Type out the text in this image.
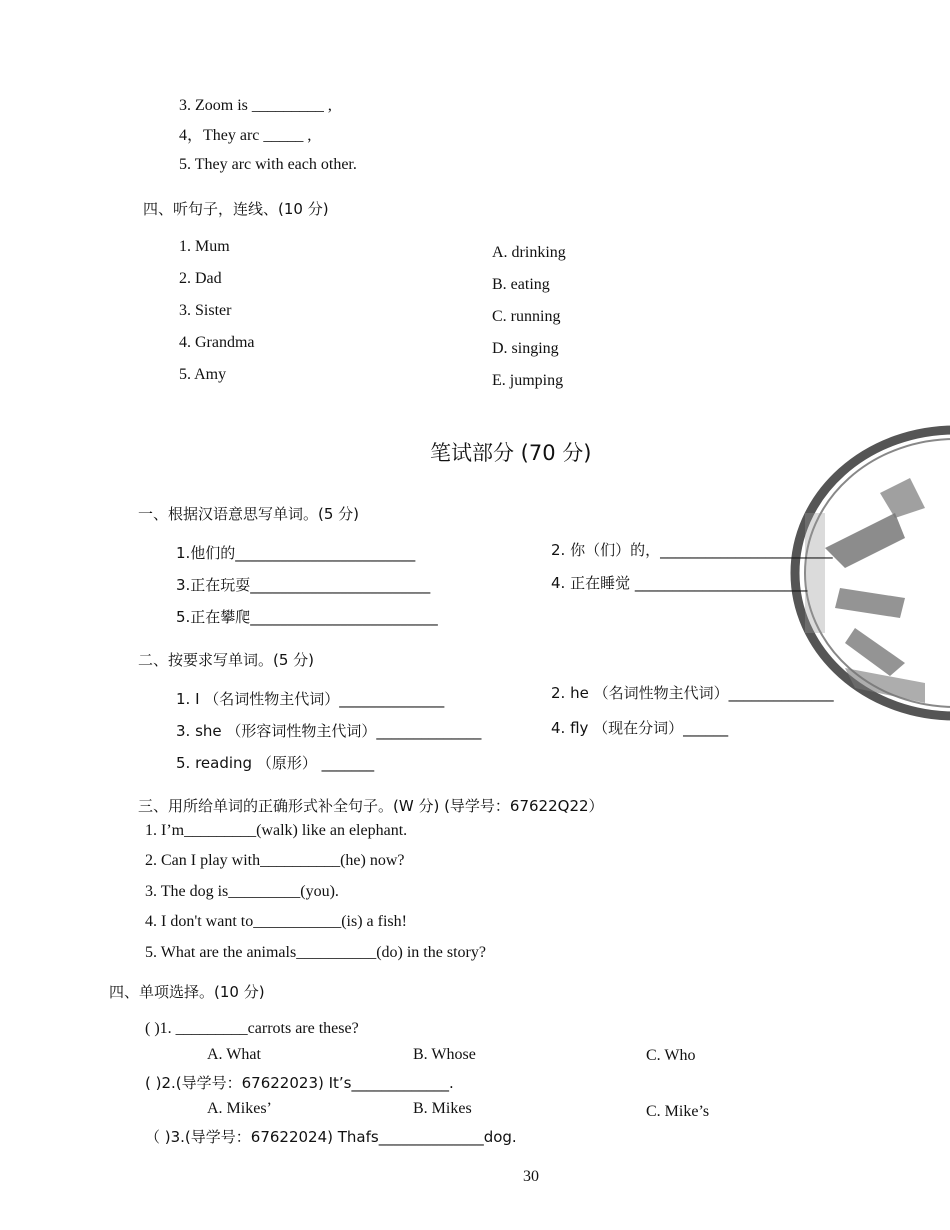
3. Zoom is _________ ,
4，They arc _____ ,
5. They arc with each other.
四、听句子，连线、(10 分)
1. Mum
2. Dad
3. Sister
4. Grandma
5. Amy
A. drinking
B. eating
C. running
D. singing
E. jumping
笔试部分 (70 分)
一、根据汉语意思写单词。(5 分)
1.他们的________________________	2. 你（们）的，_______________________
3.正在玩耍________________________	4. 正在睡觉 _______________________
5.正在攀爬_________________________
二、按要求写单词。(5 分)
1. I （名词性物主代词）______________	2. he （名词性物主代词）______________
3. she （形容词性物主代词）______________	4. fly （现在分词）______
5. reading （原形） _______
三、用所给单词的正确形式补全句子。(W 分) (导学号：67622Q22）
1. I’m_________(walk) like an elephant.
2. Can I play with__________(he) now?
3. The dog is_________(you).
4. I don't want to___________(is) a fish!
5. What are the animals__________(do) in the story?
四、单项选择。(10 分)
( )1. _________carrots are these?
A. What	B. Whose	C. Who
( )2.(导学号：67622023) It’s_____________.
A. Mikes’	B. Mikes	C. Mike’s
（ )3.(导学号：67622024) Thafs______________dog.
30
